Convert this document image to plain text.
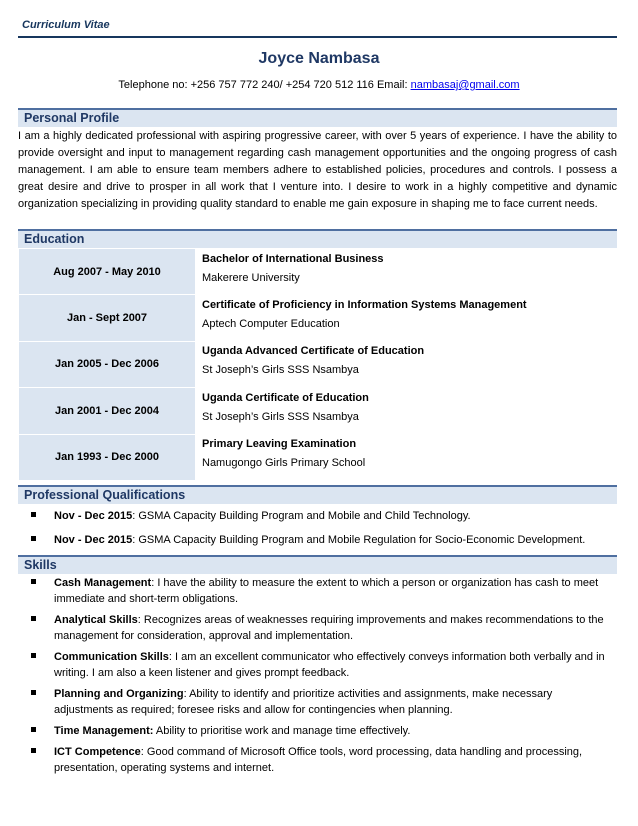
Curriculum Vitae
Joyce Nambasa
Telephone no: +256 757 772 240/ +254 720 512 116 Email: nambasaj@gmail.com
Personal Profile
I am a highly dedicated professional with aspiring progressive career, with over 5 years of experience. I have the ability to provide oversight and input to management regarding cash management opportunities and the ongoing progress of cash management. I am able to ensure team members adhere to established policies, procedures and controls. I possess a great desire and drive to prosper in all work that I venture into. I desire to work in a highly competitive and dynamic organization specializing in providing quality standard to enable me gain exposure in shaping me to face current needs.
Education
Aug 2007 - May 2010	Bachelor of International Business
Makerere University

Jan - Sept 2007	Certificate of Proficiency in Information Systems Management
Aptech Computer Education

Jan 2005 - Dec 2006	Uganda Advanced Certificate of Education
St Joseph’s Girls SSS Nsambya

Jan 2001 - Dec 2004	Uganda Certificate of Education
St Joseph’s Girls SSS Nsambya

Jan 1993 - Dec 2000	Primary Leaving Examination
Namugongo Girls Primary School
Professional Qualifications
Nov - Dec 2015: GSMA Capacity Building Program and Mobile and Child Technology.
Nov - Dec 2015: GSMA Capacity Building Program and Mobile Regulation for Socio-Economic Development.
Skills
Cash Management: I have the ability to measure the extent to which a person or organization has cash to meet immediate and short-term obligations.
Analytical Skills: Recognizes areas of weaknesses requiring improvements and makes recommendations to the management for consideration, approval and implementation.
Communication Skills: I am an excellent communicator who effectively conveys information both verbally and in writing. I am also a keen listener and gives prompt feedback.
Planning and Organizing: Ability to identify and prioritize activities and assignments, make necessary adjustments as required; foresee risks and allow for contingencies when planning.
Time Management: Ability to prioritise work and manage time effectively.
ICT Competence: Good command of Microsoft Office tools, word processing, data handling and processing, presentation, operating systems and internet.
